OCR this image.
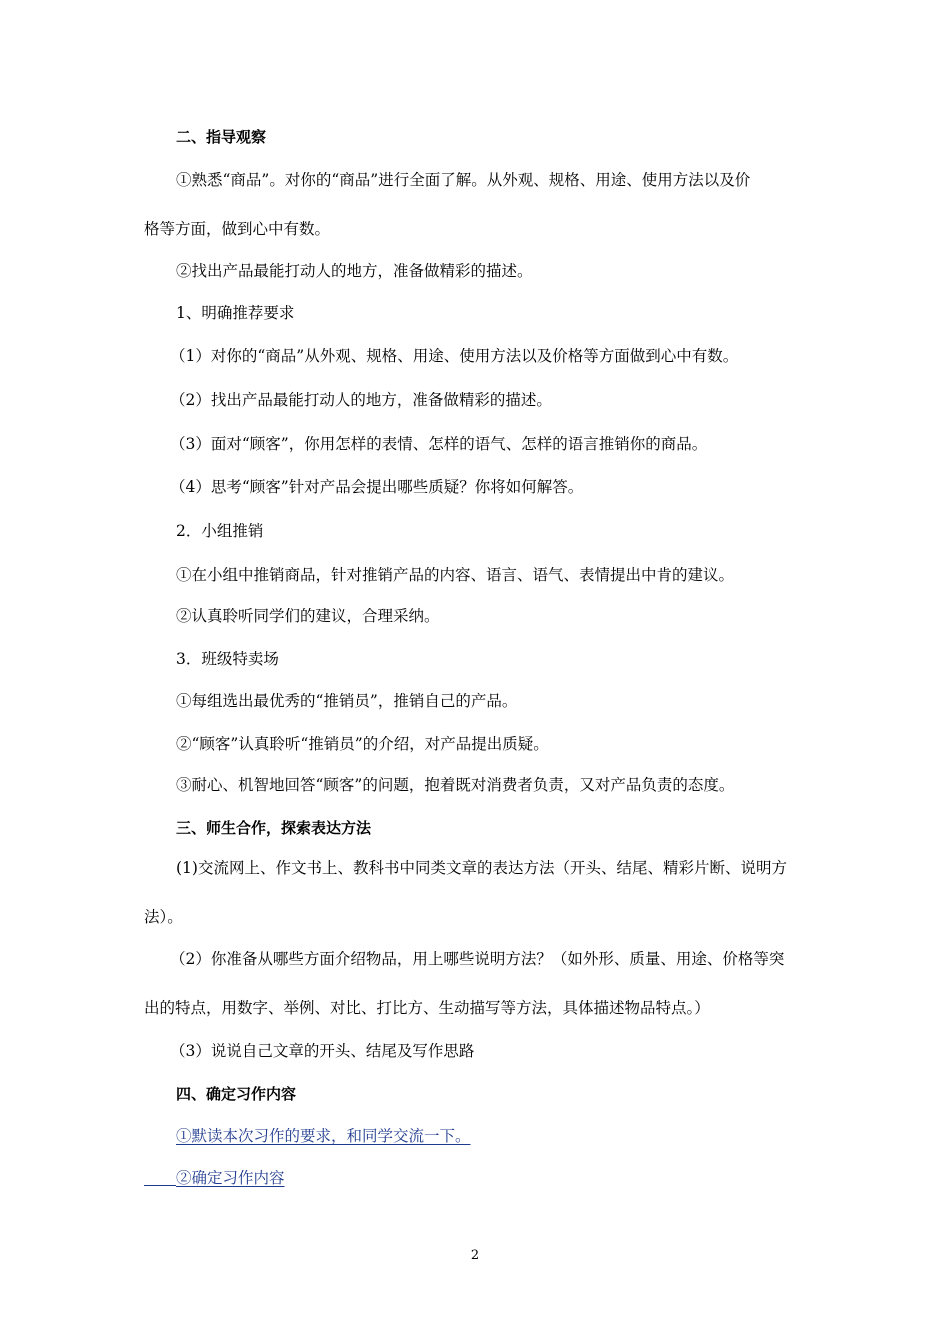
二、指导观察
①熟悉“商品”。对你的“商品”进行全面了解。从外观、规格、用途、使用方法以及价
格等方面，做到心中有数。
②找出产品最能打动人的地方，准备做精彩的描述。
1、明确推荐要求
（1）对你的“商品”从外观、规格、用途、使用方法以及价格等方面做到心中有数。
（2）找出产品最能打动人的地方，准备做精彩的描述。
（3）面对“顾客”，你用怎样的表情、怎样的语气、怎样的语言推销你的商品。
（4）思考“顾客”针对产品会提出哪些质疑？你将如何解答。
2．小组推销
①在小组中推销商品，针对推销产品的内容、语言、语气、表情提出中肯的建议。
②认真聆听同学们的建议，合理采纳。
3．班级特卖场
①每组选出最优秀的“推销员”，推销自己的产品。
②“顾客”认真聆听“推销员”的介绍，对产品提出质疑。
③耐心、机智地回答“顾客”的问题，抱着既对消费者负责，又对产品负责的态度。
三、师生合作，探索表达方法
(1)交流网上、作文书上、教科书中同类文章的表达方法（开头、结尾、精彩片断、说明方
法）。
（2）你准备从哪些方面介绍物品，用上哪些说明方法？（如外形、质量、用途、价格等突
出的特点，用数字、举例、对比、打比方、生动描写等方法，具体描述物品特点。）
（3）说说自己文章的开头、结尾及写作思路
四、确定习作内容
①默读本次习作的要求，和同学交流一下。
②确定习作内容
2
